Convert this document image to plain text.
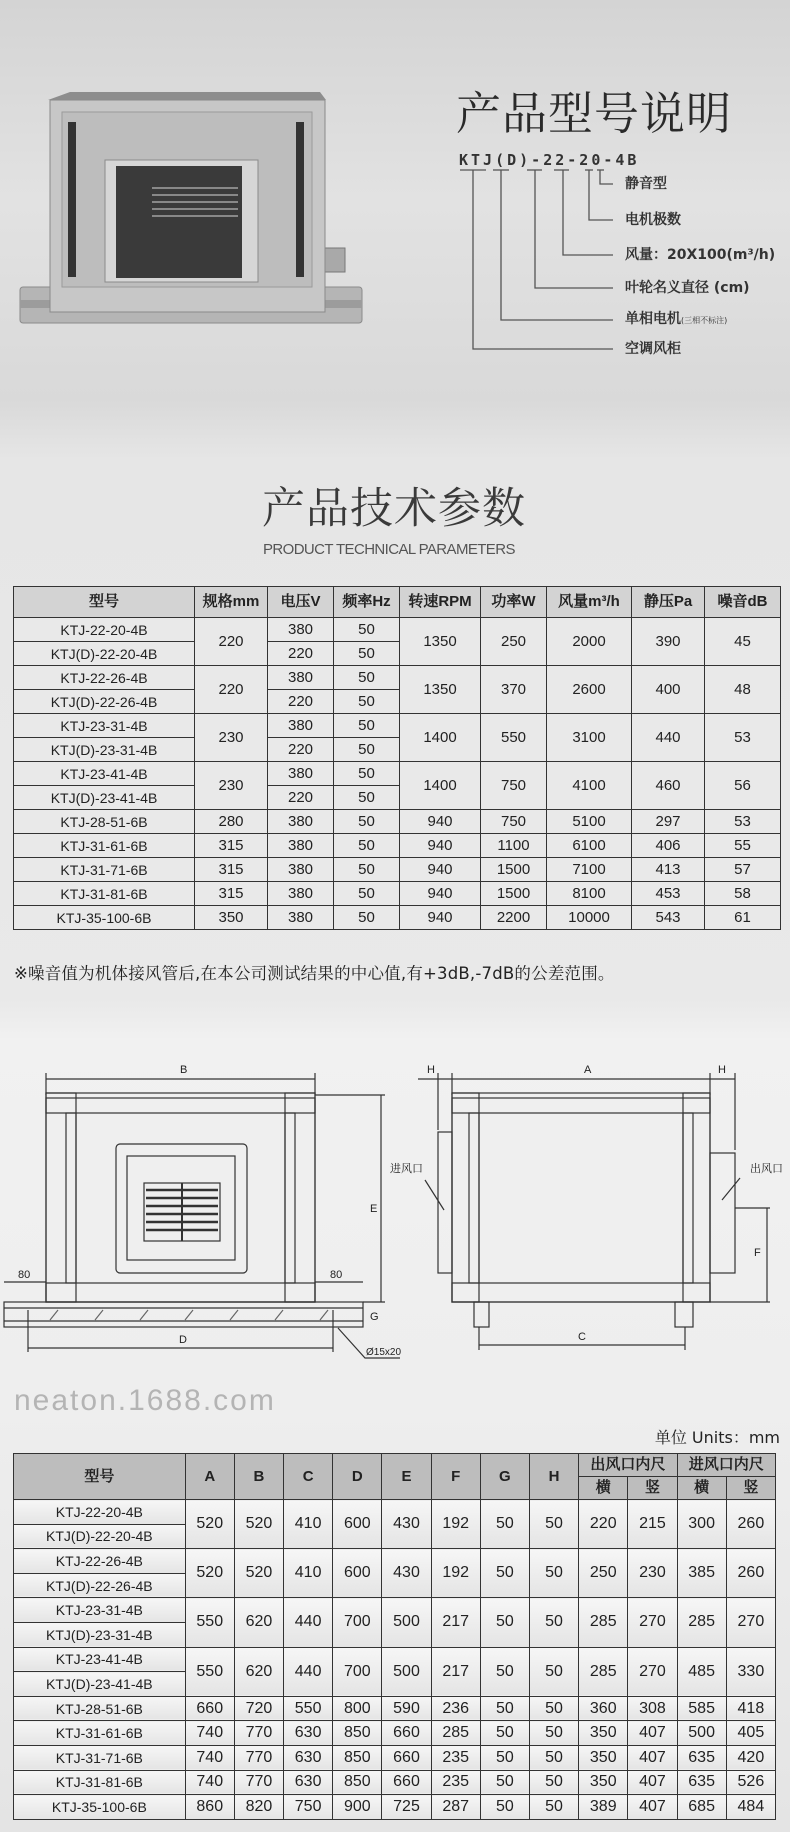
产品型号说明
KTJ(D)-22-20-4B
静音型
电机极数
风量：20X100(m³/h)
叶轮名义直径 (cm)
单相电机(三相不标注)
空调风柜
产品技术参数
PRODUCT TECHNICAL PARAMETERS
型号	规格mm	电压V	频率Hz	转速RPM	功率W	风量m³/h	静压Pa	噪音dB
KTJ-22-20-4B	220	380	50	1350	250	2000	390	45
KTJ(D)-22-20-4B		220	50					
KTJ-22-26-4B	220	380	50	1350	370	2600	400	48
KTJ(D)-22-26-4B		220	50					
KTJ-23-31-4B	230	380	50	1400	550	3100	440	53
KTJ(D)-23-31-4B		220	50					
KTJ-23-41-4B	230	380	50	1400	750	4100	460	56
KTJ(D)-23-41-4B		220	50					
KTJ-28-51-6B	280	380	50	940	750	5100	297	53
KTJ-31-61-6B	315	380	50	940	1100	6100	406	55
KTJ-31-71-6B	315	380	50	940	1500	7100	413	57
KTJ-31-81-6B	315	380	50	940	1500	8100	453	58
KTJ-35-100-6B	350	380	50	940	2200	10000	543	61
※噪音值为机体接风管后,在本公司测试结果的中心值,有+3dB,-7dB的公差范围。
B	A
H	H
D	C
E
G
F
80	80
Ø15x20
进风口	出风口
neaton.1688.com
单位 Units：mm
型号	A	B	C	D	E	F	G	H	出风口内尺		进风口内尺	
									横	竖	横	竖
KTJ-22-20-4B	520	520	410	600	430	192	50	50	220	215	300	260
KTJ(D)-22-20-4B												
KTJ-22-26-4B	520	520	410	600	430	192	50	50	250	230	385	260
KTJ(D)-22-26-4B												
KTJ-23-31-4B	550	620	440	700	500	217	50	50	285	270	285	270
KTJ(D)-23-31-4B												
KTJ-23-41-4B	550	620	440	700	500	217	50	50	285	270	485	330
KTJ(D)-23-41-4B												
KTJ-28-51-6B	660	720	550	800	590	236	50	50	360	308	585	418
KTJ-31-61-6B	740	770	630	850	660	285	50	50	350	407	500	405
KTJ-31-71-6B	740	770	630	850	660	235	50	50	350	407	635	420
KTJ-31-81-6B	740	770	630	850	660	235	50	50	350	407	635	526
KTJ-35-100-6B	860	820	750	900	725	287	50	50	389	407	685	484
